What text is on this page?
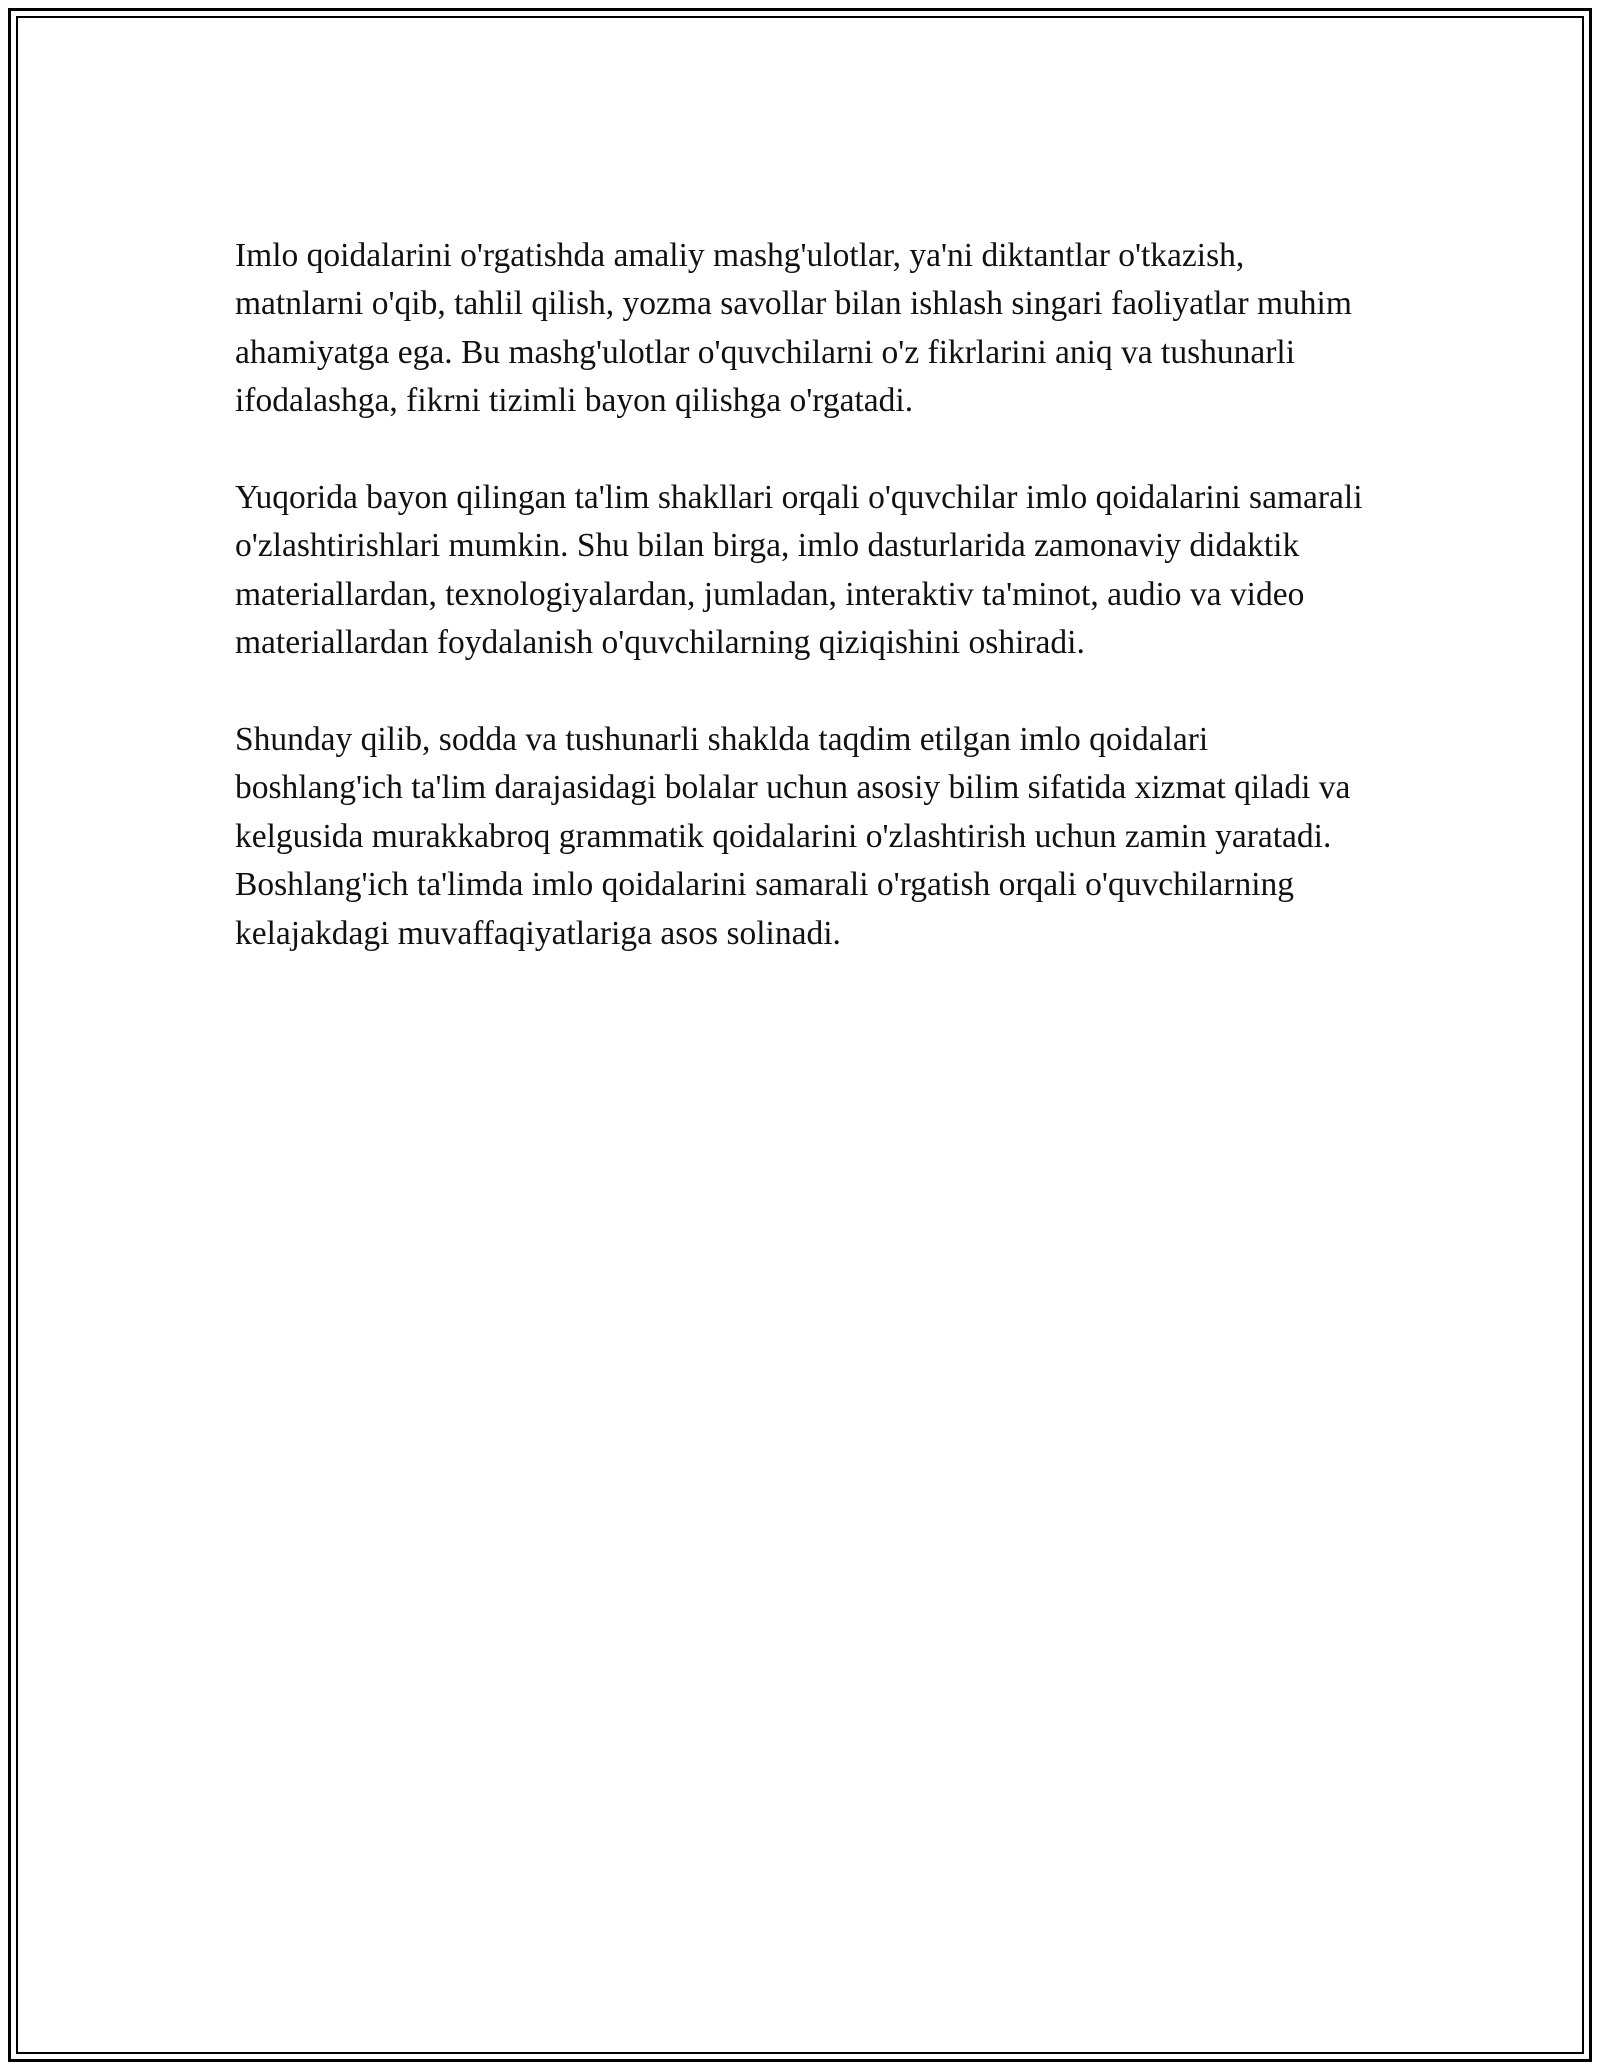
Imlo qoidalarini o'rgatishda amaliy mashg'ulotlar, ya'ni diktantlar o'tkazish, matnlarni o'qib, tahlil qilish, yozma savollar bilan ishlash singari faoliyatlar muhim ahamiyatga ega. Bu mashg'ulotlar o'quvchilarni o'z fikrlarini aniq va tushunarli ifodalashga, fikrni tizimli bayon qilishga o'rgatadi.

Yuqorida bayon qilingan ta'lim shakllari orqali o'quvchilar imlo qoidalarini samarali o'zlashtirishlari mumkin. Shu bilan birga, imlo dasturlarida zamonaviy didaktik materiallardan, texnologiyalardan, jumladan, interaktiv ta'minot, audio va video materiallardan foydalanish o'quvchilarning qiziqishini oshiradi.

Shunday qilib, sodda va tushunarli shaklda taqdim etilgan imlo qoidalari boshlang'ich ta'lim darajasidagi bolalar uchun asosiy bilim sifatida xizmat qiladi va kelgusida murakkabroq grammatik qoidalarini o'zlashtirish uchun zamin yaratadi. Boshlang'ich ta'limda imlo qoidalarini samarali o'rgatish orqali o'quvchilarning kelajakdagi muvaffaqiyatlariga asos solinadi.
